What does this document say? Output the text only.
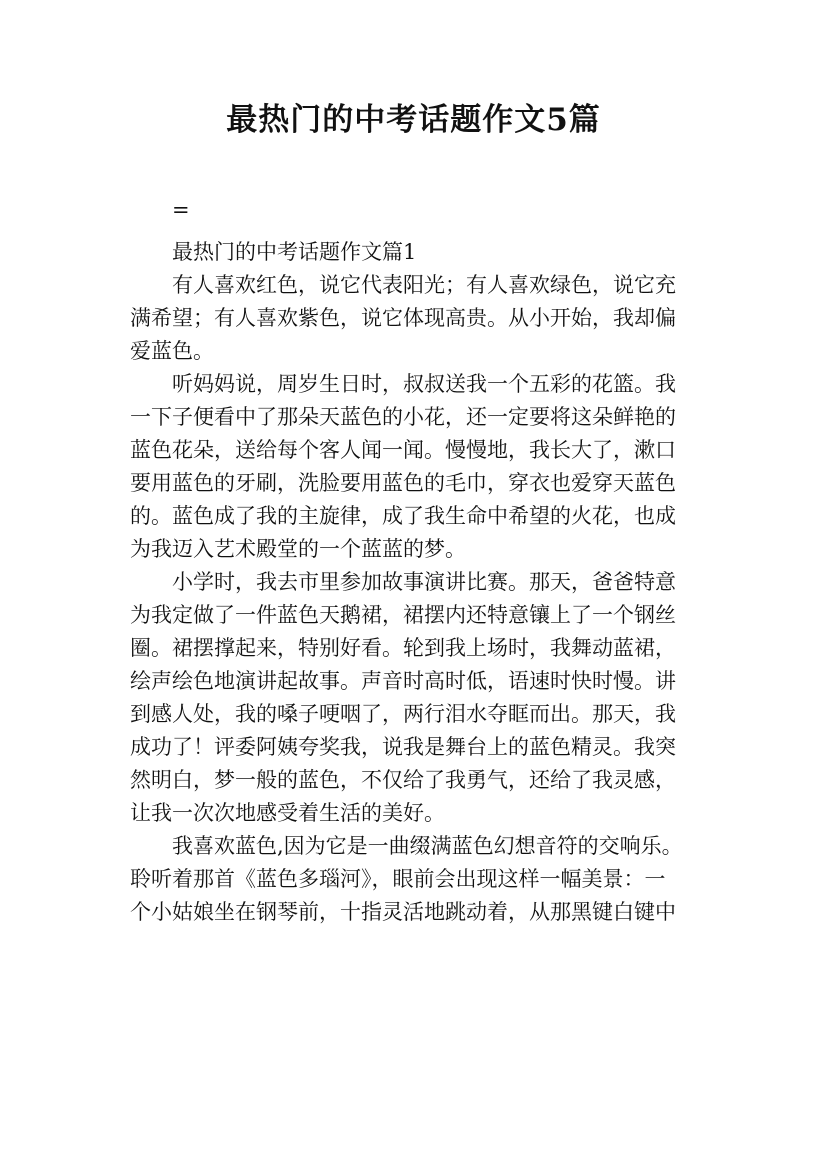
最热门的中考话题作文5篇
=
最热门的中考话题作文篇1
有人喜欢红色，说它代表阳光；有人喜欢绿色，说它充
满希望；有人喜欢紫色，说它体现高贵。从小开始，我却偏
爱蓝色。
听妈妈说，周岁生日时，叔叔送我一个五彩的花篮。我
一下子便看中了那朵天蓝色的小花，还一定要将这朵鲜艳的
蓝色花朵，送给每个客人闻一闻。慢慢地，我长大了，漱口
要用蓝色的牙刷，洗脸要用蓝色的毛巾，穿衣也爱穿天蓝色
的。蓝色成了我的主旋律，成了我生命中希望的火花，也成
为我迈入艺术殿堂的一个蓝蓝的梦。
小学时，我去市里参加故事演讲比赛。那天，爸爸特意
为我定做了一件蓝色天鹅裙，裙摆内还特意镶上了一个钢丝
圈。裙摆撑起来，特别好看。轮到我上场时，我舞动蓝裙，
绘声绘色地演讲起故事。声音时高时低，语速时快时慢。讲
到感人处，我的嗓子哽咽了，两行泪水夺眶而出。那天，我
成功了！评委阿姨夸奖我，说我是舞台上的蓝色精灵。我突
然明白，梦一般的蓝色，不仅给了我勇气，还给了我灵感，
让我一次次地感受着生活的美好。
我喜欢蓝色,因为它是一曲缀满蓝色幻想音符的交响乐。
聆听着那首《蓝色多瑙河》，眼前会出现这样一幅美景：一
个小姑娘坐在钢琴前，十指灵活地跳动着，从那黑键白键中
